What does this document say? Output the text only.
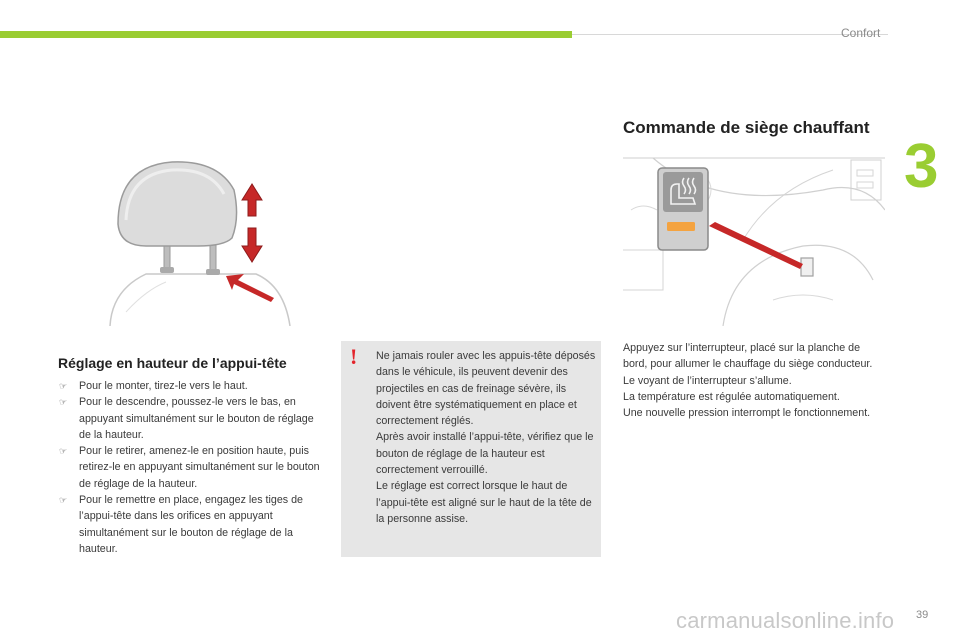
Confort
3
Réglage en hauteur de l’appui-tête
☞ Pour le monter, tirez-le vers le haut.
☞ Pour le descendre, poussez-le vers le bas, en appuyant simultanément sur le bouton de réglage de la hauteur.
☞ Pour le retirer, amenez-le en position haute, puis retirez-le en appuyant simultanément sur le bouton de réglage de la hauteur.
☞ Pour le remettre en place, engagez les tiges de l’appui-tête dans les orifices en appuyant simultanément sur le bouton de réglage de la hauteur.
!	Ne jamais rouler avec les appuis-tête déposés dans le véhicule, ils peuvent devenir des projectiles en cas de freinage sévère, ils doivent être systématiquement en place et correctement réglés.
Après avoir installé l’appui-tête, vérifiez que le bouton de réglage de la hauteur est correctement verrouillé.
Le réglage est correct lorsque le haut de l’appui-tête est aligné sur le haut de la tête de la personne assise.
Commande de siège chauffant
Appuyez sur l’interrupteur, placé sur la planche de bord, pour allumer le chauffage du siège conducteur.
Le voyant de l’interrupteur s’allume.
La température est régulée automatiquement.
Une nouvelle pression interrompt le fonctionnement.
carmanualsonline.info 39
